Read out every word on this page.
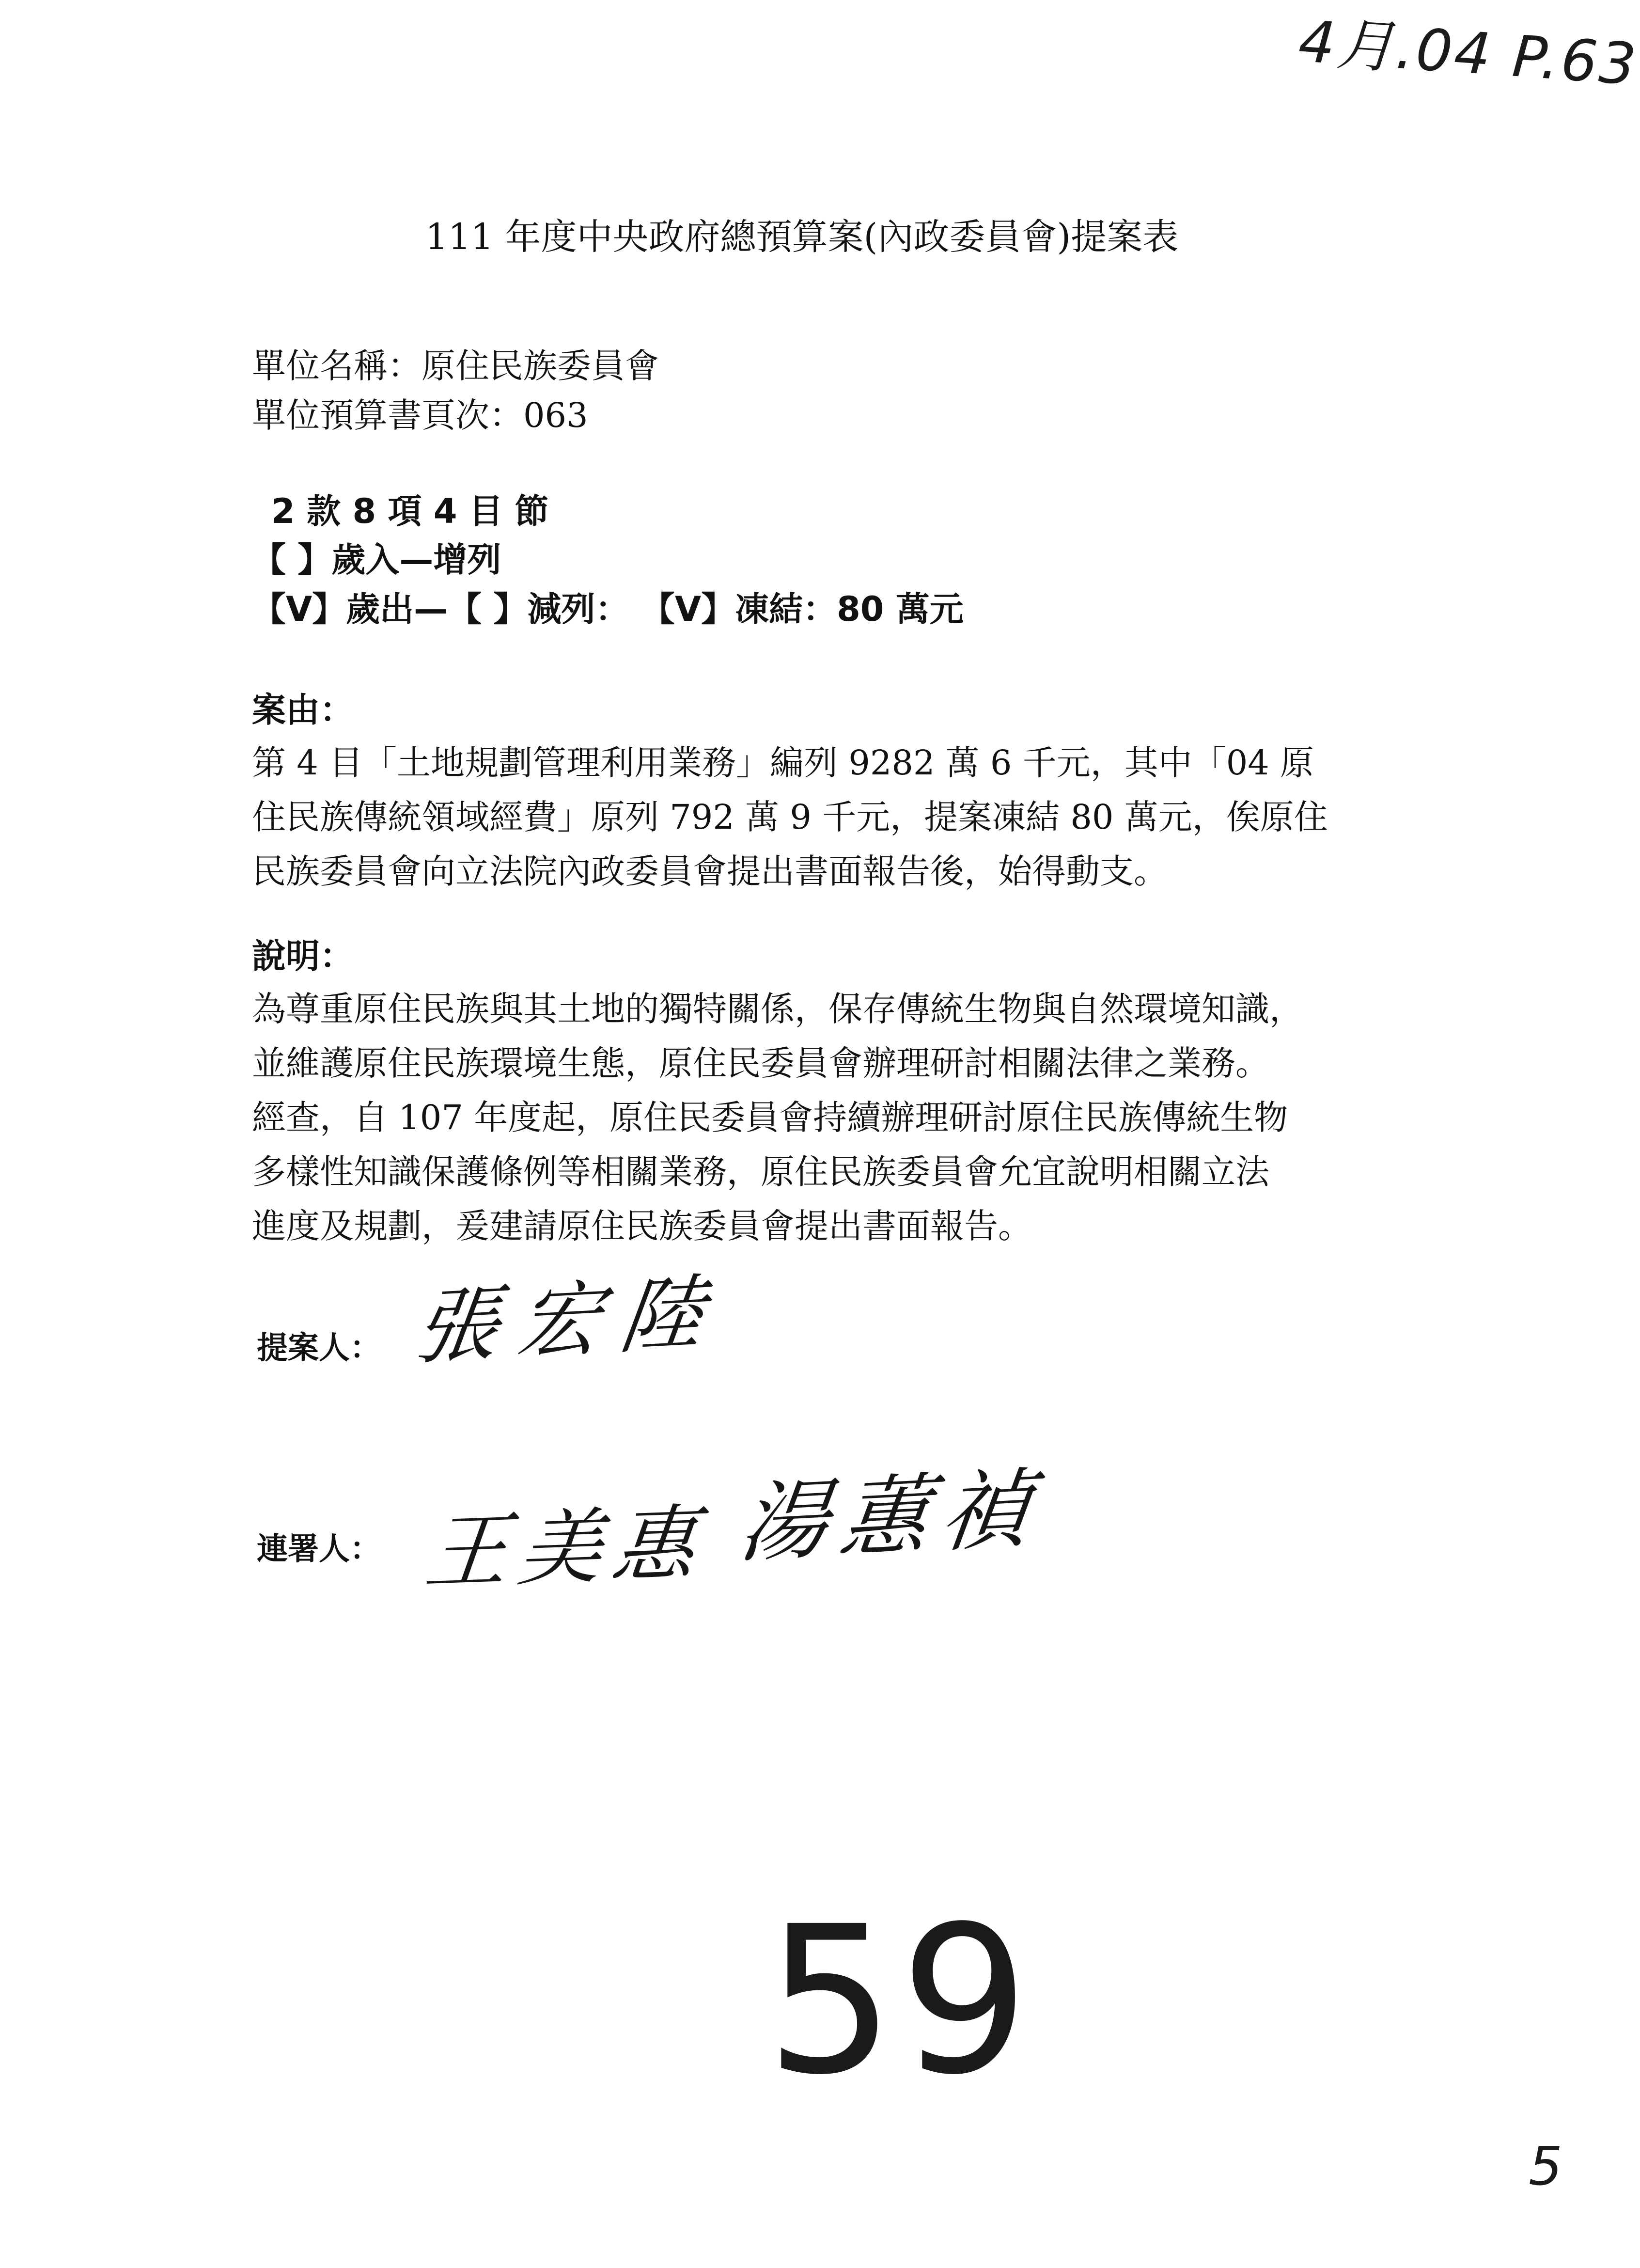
4月.04 P.63
111 年度中央政府總預算案(內政委員會)提案表
單位名稱：原住民族委員會
單位預算書頁次：063
2 款 8 項 4 目 節
【 】歲入—增列
【V】歲出—【 】減列： 【V】凍結：80 萬元
案由：
第 4 目「土地規劃管理利用業務」編列 9282 萬 6 千元，其中「04 原
住民族傳統領域經費」原列 792 萬 9 千元，提案凍結 80 萬元，俟原住
民族委員會向立法院內政委員會提出書面報告後，始得動支。
說明：
為尊重原住民族與其土地的獨特關係，保存傳統生物與自然環境知識，
並維護原住民族環境生態，原住民委員會辦理研討相關法律之業務。
經查，自 107 年度起，原住民委員會持續辦理研討原住民族傳統生物
多樣性知識保護條例等相關業務，原住民族委員會允宜說明相關立法
進度及規劃，爰建請原住民族委員會提出書面報告。
提案人： 張宏陸
連署人： 王美惠 湯蕙禎
59
5
